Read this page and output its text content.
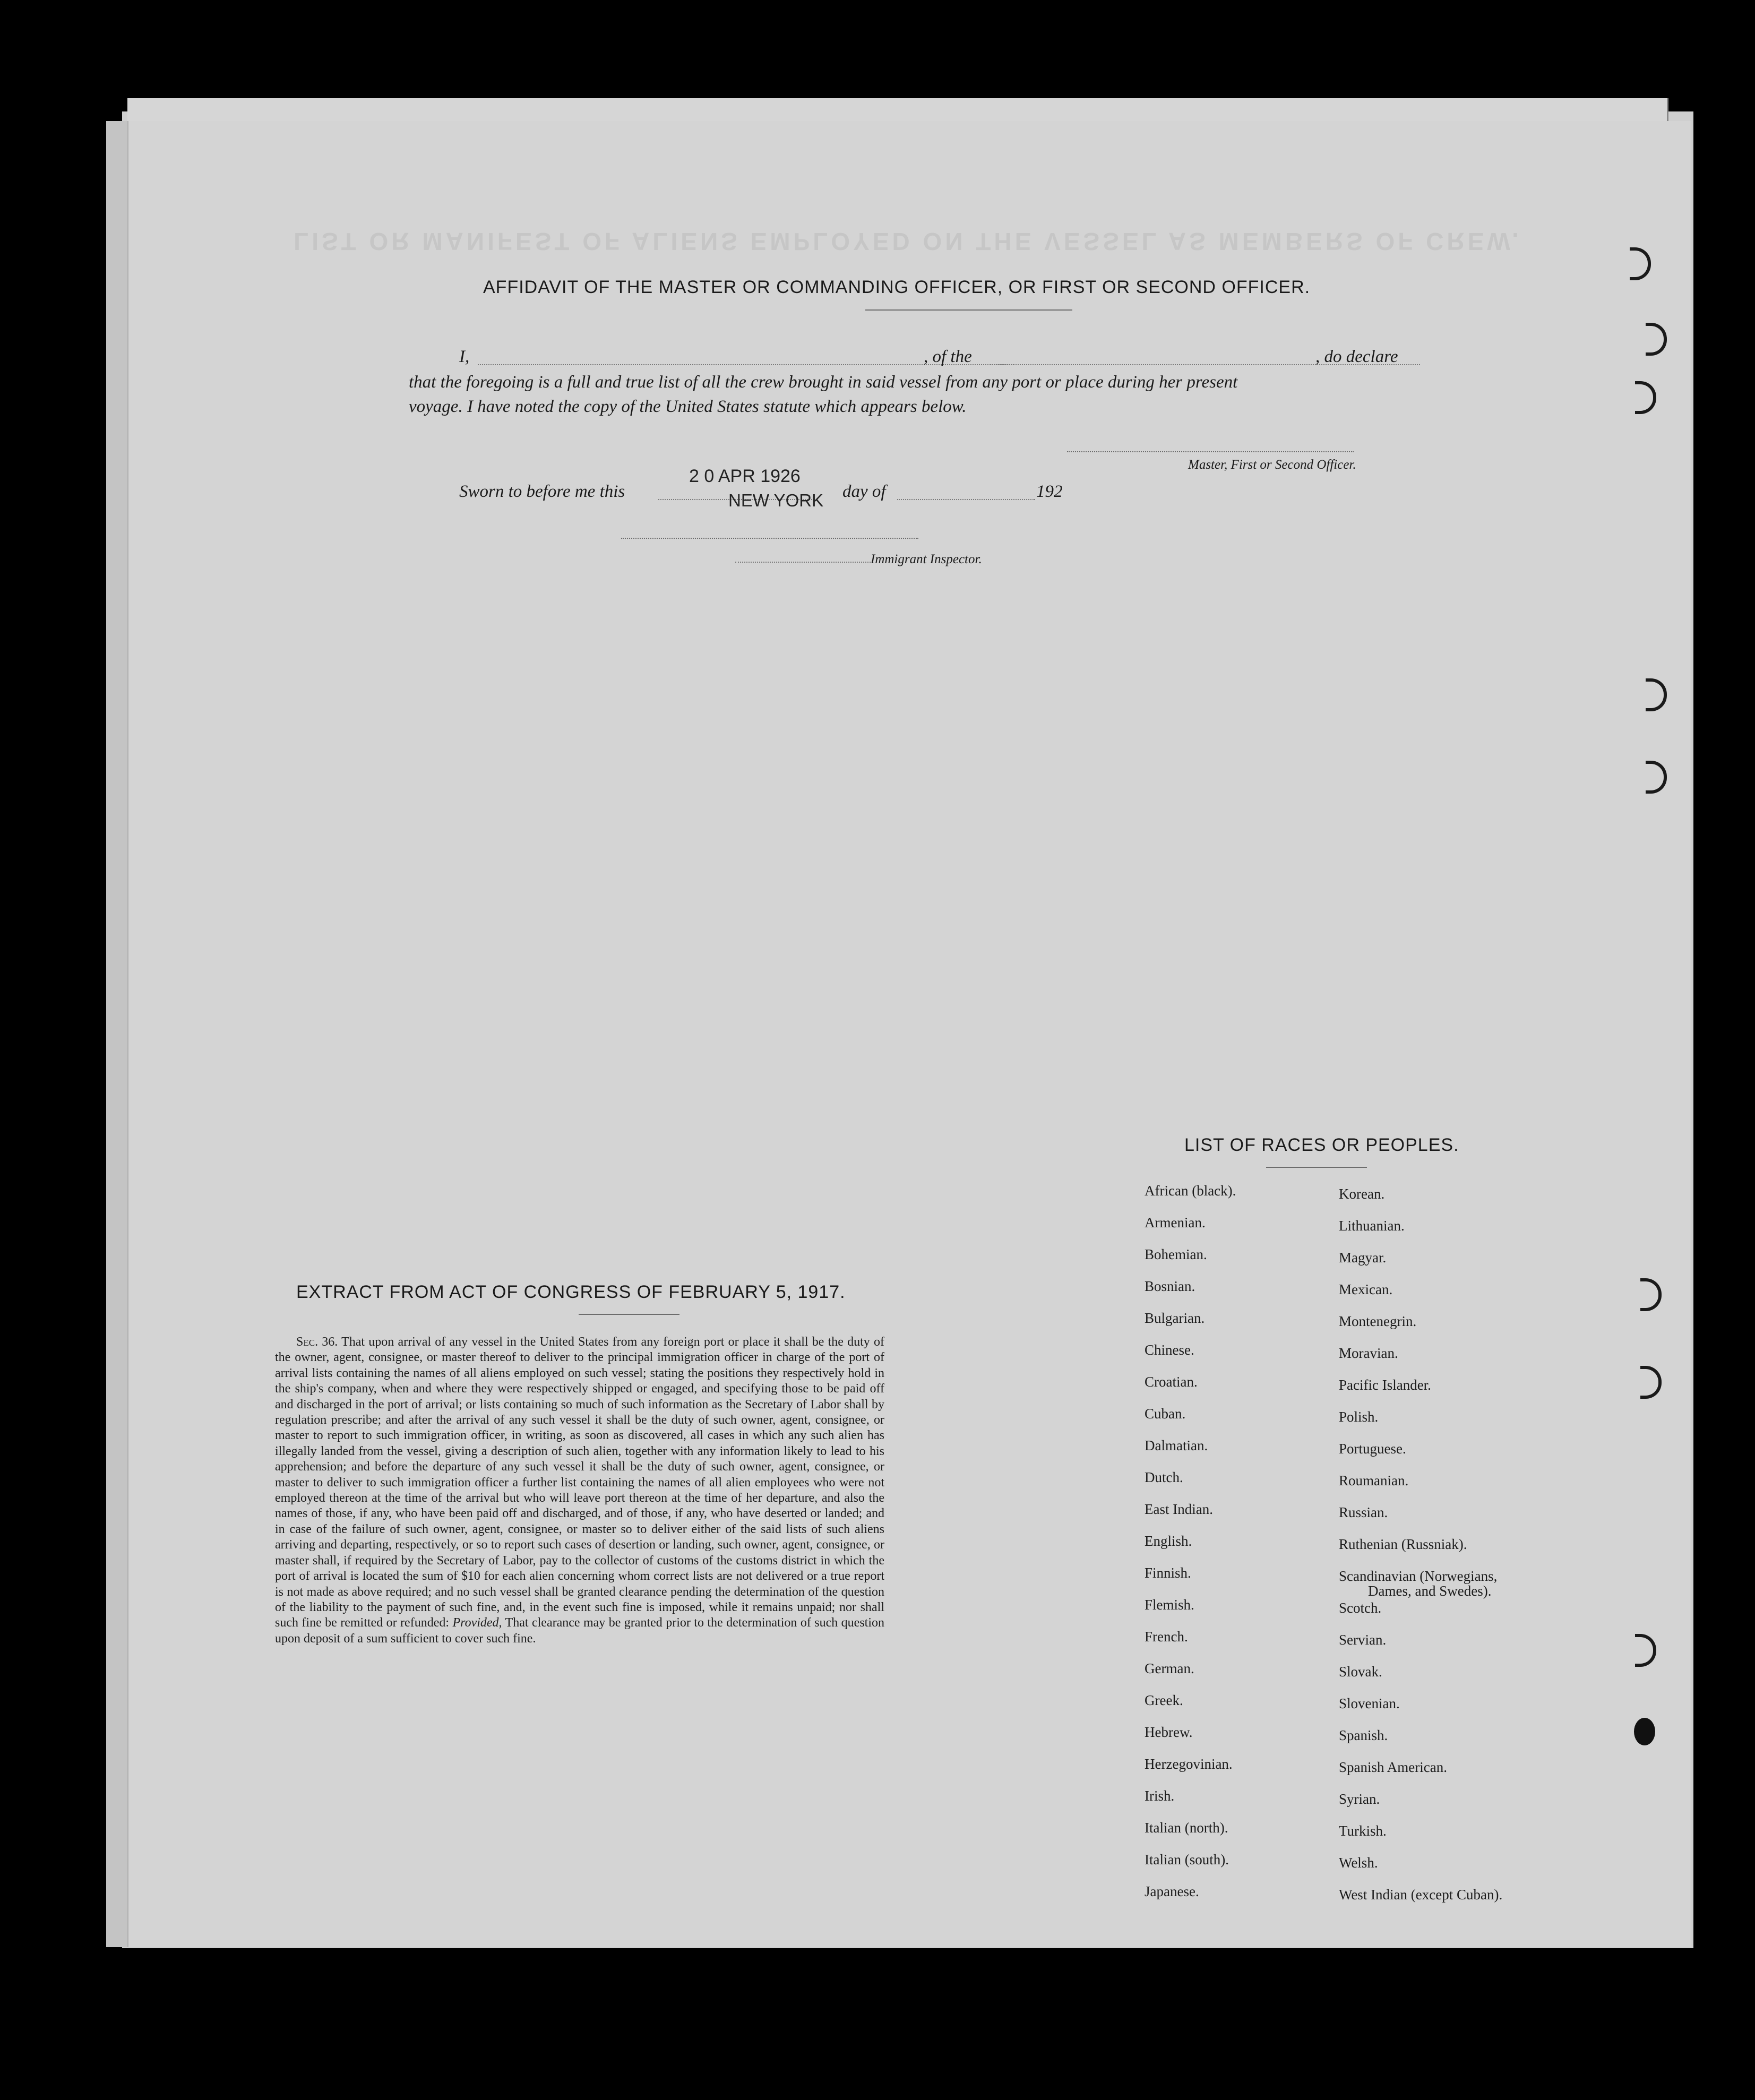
LIST OR MANIFEST OF ALIENS EMPLOYED ON THE VESSEL AS MEMBERS OF CREW.
AFFIDAVIT OF THE MASTER OR COMMANDING OFFICER, OR FIRST OR SECOND OFFICER.
I,	, of the	, do declare
that the foregoing is a full and true list of all the crew brought in said vessel from any port or place during her present
voyage. I have noted the copy of the United States statute which appears below.
Master, First or Second Officer.
Sworn to before me this
2 0 APR 1926
NEW YORK day of	192
Immigrant Inspector.
EXTRACT FROM ACT OF CONGRESS OF FEBRUARY 5, 1917.
Sec. 36. That upon arrival of any vessel in the United States from any foreign port or place it shall be the duty of the owner, agent, consignee, or master thereof to deliver to the principal immigration officer in charge of the port of arrival lists containing the names of all aliens employed on such vessel; stating the positions they respectively hold in the ship's company, when and where they were respectively shipped or engaged, and specifying those to be paid off and discharged in the port of arrival; or lists containing so much of such information as the Secretary of Labor shall by regulation prescribe; and after the arrival of any such vessel it shall be the duty of such owner, agent, consignee, or master to report to such immigration officer, in writing, as soon as discovered, all cases in which any such alien has illegally landed from the vessel, giving a description of such alien, together with any information likely to lead to his apprehension; and before the departure of any such vessel it shall be the duty of such owner, agent, consignee, or master to deliver to such immigration officer a further list containing the names of all alien employees who were not employed thereon at the time of the arrival but who will leave port thereon at the time of her departure, and also the names of those, if any, who have been paid off and discharged, and of those, if any, who have deserted or landed; and in case of the failure of such owner, agent, consignee, or master so to deliver either of the said lists of such aliens arriving and departing, respectively, or so to report such cases of desertion or landing, such owner, agent, consignee, or master shall, if required by the Secretary of Labor, pay to the collector of customs of the customs district in which the port of arrival is located the sum of $10 for each alien concerning whom correct lists are not delivered or a true report is not made as above required; and no such vessel shall be granted clearance pending the determination of the question of the liability to the payment of such fine, and, in the event such fine is imposed, while it remains unpaid; nor shall such fine be remitted or refunded: Provided, That clearance may be granted prior to the determination of such question upon deposit of a sum sufficient to cover such fine.
LIST OF RACES OR PEOPLES.
African (black).
Armenian.
Bohemian.
Bosnian.
Bulgarian.
Chinese.
Croatian.
Cuban.
Dalmatian.
Dutch.
East Indian.
English.
Finnish.
Flemish.
French.
German.
Greek.
Hebrew.
Herzegovinian.
Irish.
Italian (north).
Italian (south).
Japanese.
Korean.
Lithuanian.
Magyar.
Mexican.
Montenegrin.
Moravian.
Pacific Islander.
Polish.
Portuguese.
Roumanian.
Russian.
Ruthenian (Russniak).
Scandinavian (Norwegians,
Dames, and Swedes).
Scotch.
Servian.
Slovak.
Slovenian.
Spanish.
Spanish American.
Syrian.
Turkish.
Welsh.
West Indian (except Cuban).
